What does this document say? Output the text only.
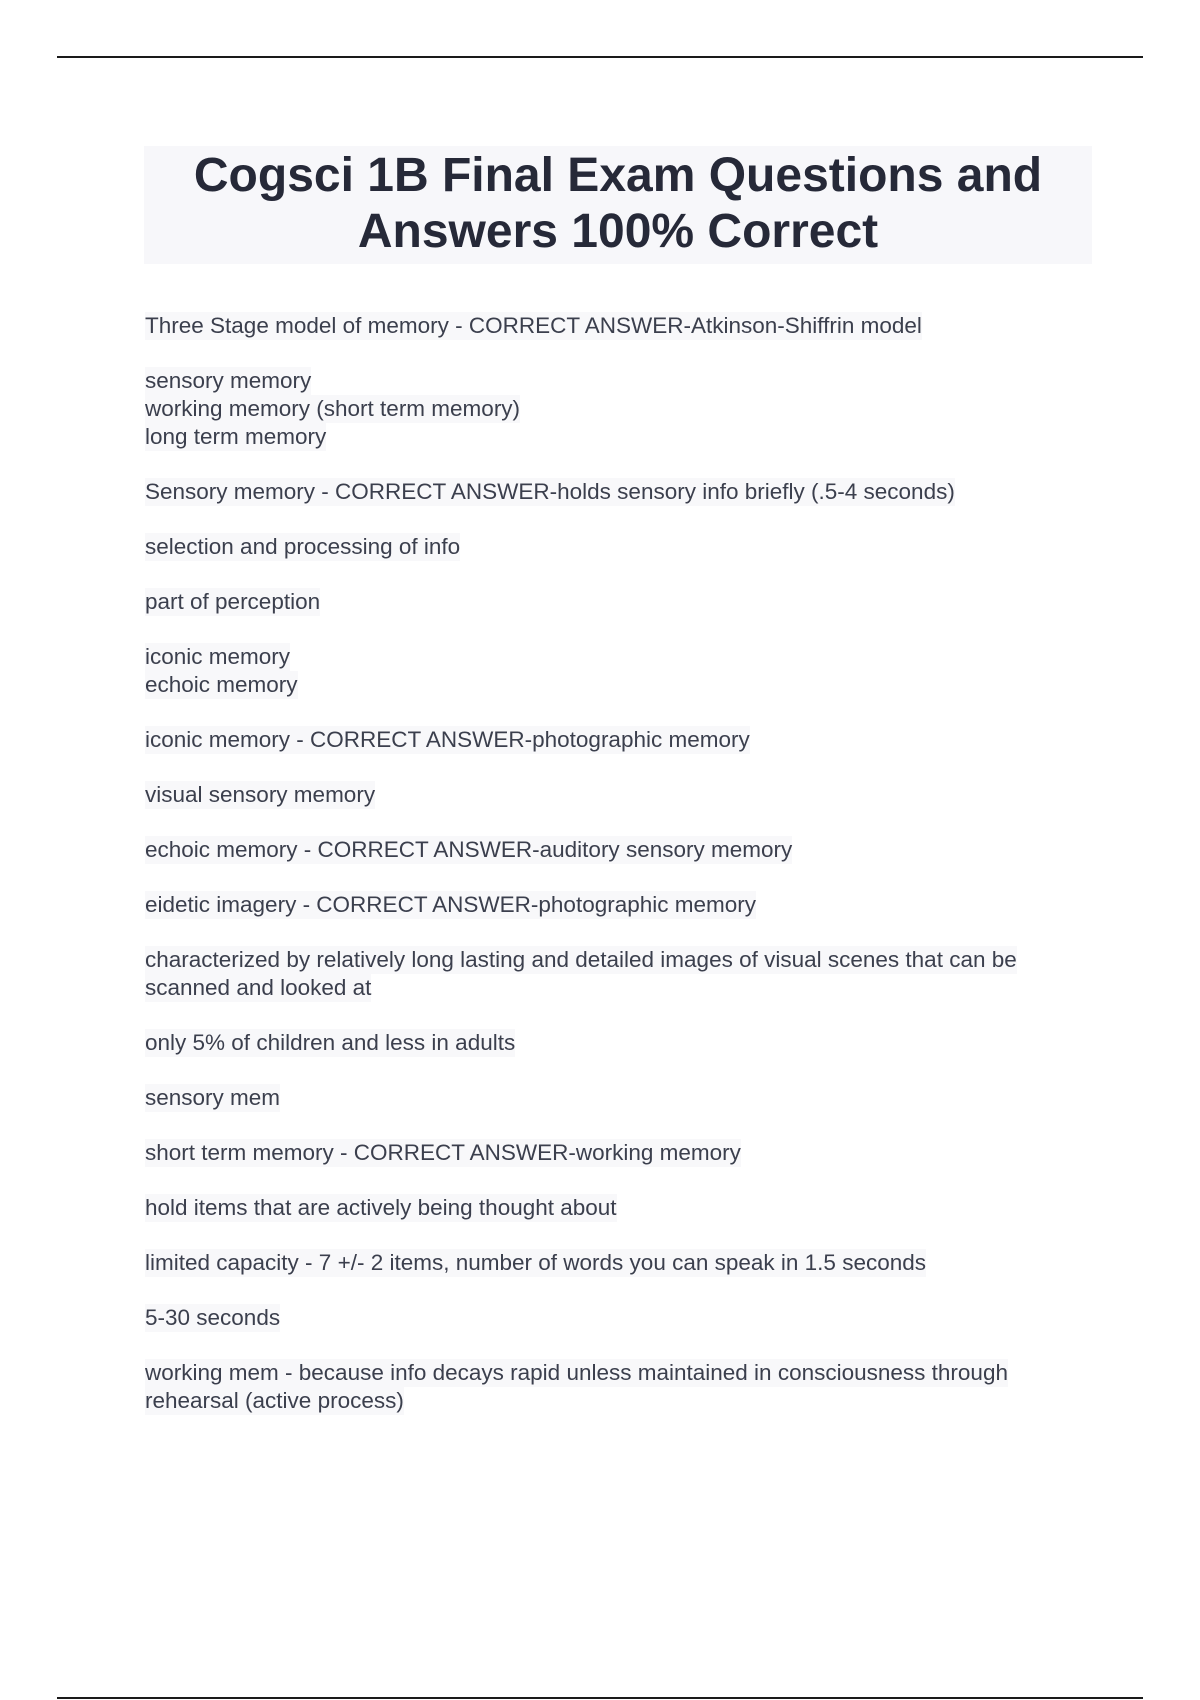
Cogsci 1B Final Exam Questions and
Answers 100% Correct
Three Stage model of memory - CORRECT ANSWER-Atkinson-Shiffrin model
sensory memory
working memory (short term memory)
long term memory
Sensory memory - CORRECT ANSWER-holds sensory info briefly (.5-4 seconds)
selection and processing of info
part of perception
iconic memory
echoic memory
iconic memory - CORRECT ANSWER-photographic memory
visual sensory memory
echoic memory - CORRECT ANSWER-auditory sensory memory
eidetic imagery - CORRECT ANSWER-photographic memory
characterized by relatively long lasting and detailed images of visual scenes that can be
scanned and looked at
only 5% of children and less in adults
sensory mem
short term memory - CORRECT ANSWER-working memory
hold items that are actively being thought about
limited capacity - 7 +/- 2 items, number of words you can speak in 1.5 seconds
5-30 seconds
working mem - because info decays rapid unless maintained in consciousness through
rehearsal (active process)
